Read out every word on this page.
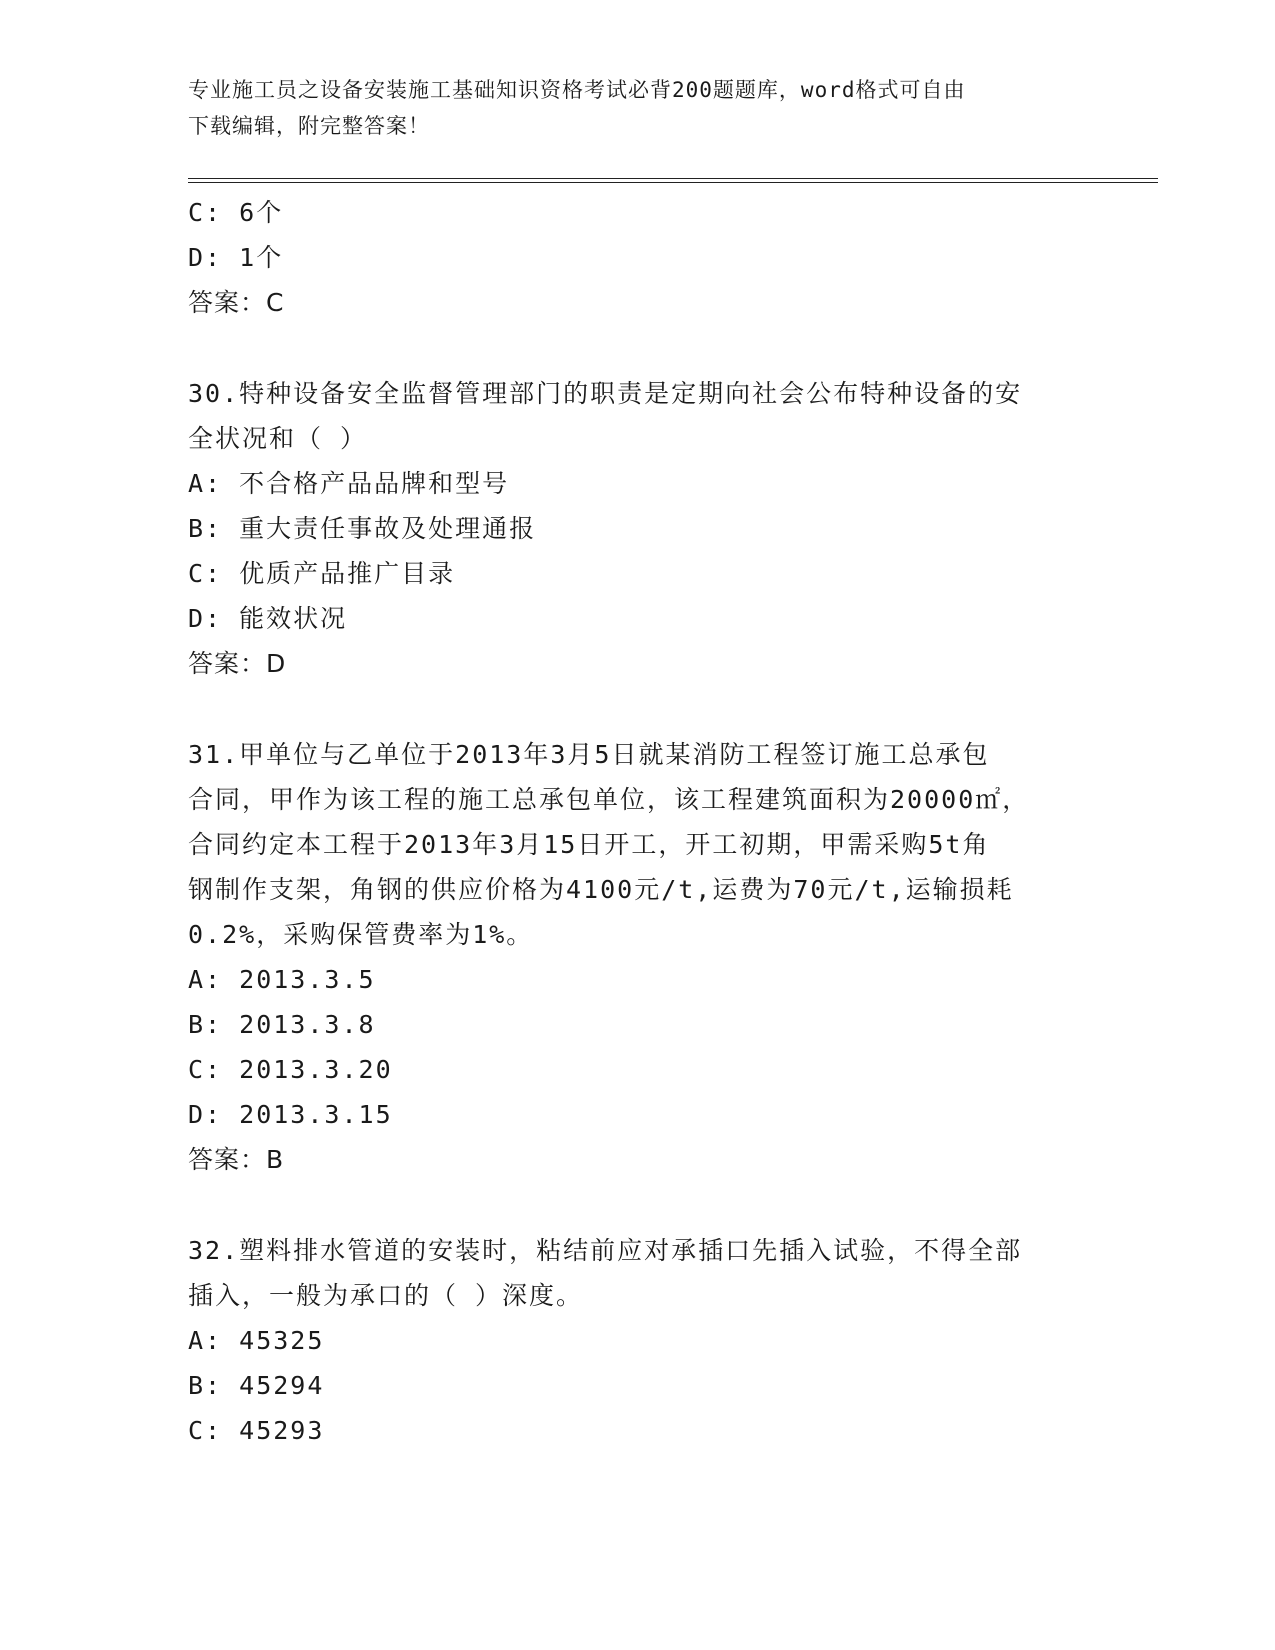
专业施工员之设备安装施工基础知识资格考试必背200题题库，word格式可自由
下载编辑，附完整答案！
C: 6个
D: 1个
答案：C
30.特种设备安全监督管理部门的职责是定期向社会公布特种设备的安
全状况和（ ）
A: 不合格产品品牌和型号
B: 重大责任事故及处理通报
C: 优质产品推广目录
D: 能效状况
答案：D
31.甲单位与乙单位于2013年3月5日就某消防工程签订施工总承包
合同，甲作为该工程的施工总承包单位，该工程建筑面积为20000㎡，
合同约定本工程于2013年3月15日开工，开工初期，甲需采购5t角
钢制作支架，角钢的供应价格为4100元/t,运费为70元/t,运输损耗
0.2%，采购保管费率为1%。
A: 2013.3.5
B: 2013.3.8
C: 2013.3.20
D: 2013.3.15
答案：B
32.塑料排水管道的安装时，粘结前应对承插口先插入试验，不得全部
插入，一般为承口的（ ）深度。
A: 45325
B: 45294
C: 45293
